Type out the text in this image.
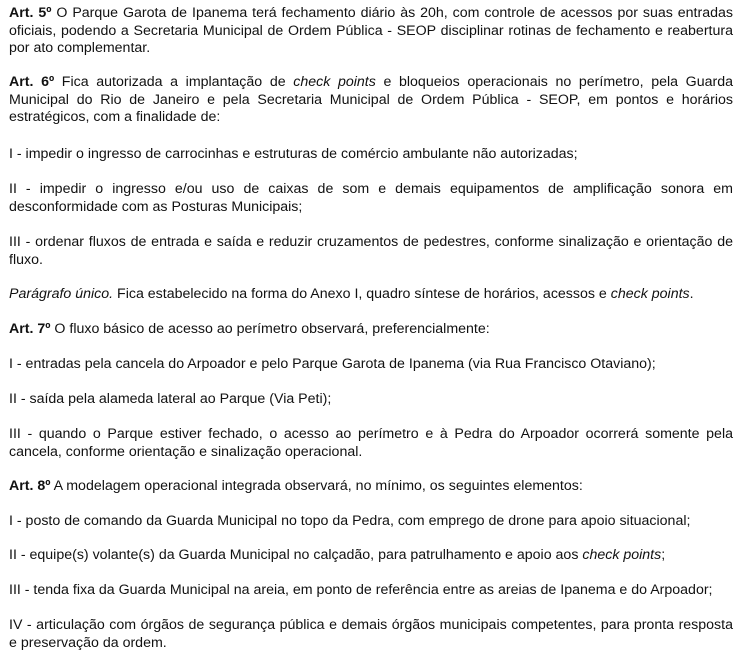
Art. 5º O Parque Garota de Ipanema terá fechamento diário às 20h, com controle de acessos por suas entradas oficiais, podendo a Secretaria Municipal de Ordem Pública - SEOP disciplinar rotinas de fechamento e reabertura por ato complementar.

Art. 6º Fica autorizada a implantação de check points e bloqueios operacionais no perímetro, pela Guarda Municipal do Rio de Janeiro e pela Secretaria Municipal de Ordem Pública - SEOP, em pontos e horários estratégicos, com a finalidade de:

I - impedir o ingresso de carrocinhas e estruturas de comércio ambulante não autorizadas;

II - impedir o ingresso e/ou uso de caixas de som e demais equipamentos de amplificação sonora em desconformidade com as Posturas Municipais;

III - ordenar fluxos de entrada e saída e reduzir cruzamentos de pedestres, conforme sinalização e orientação de fluxo.

Parágrafo único. Fica estabelecido na forma do Anexo I, quadro síntese de horários, acessos e check points.

Art. 7º O fluxo básico de acesso ao perímetro observará, preferencialmente:

I - entradas pela cancela do Arpoador e pelo Parque Garota de Ipanema (via Rua Francisco Otaviano);

II - saída pela alameda lateral ao Parque (Via Peti);

III - quando o Parque estiver fechado, o acesso ao perímetro e à Pedra do Arpoador ocorrerá somente pela cancela, conforme orientação e sinalização operacional.

Art. 8º A modelagem operacional integrada observará, no mínimo, os seguintes elementos:

I - posto de comando da Guarda Municipal no topo da Pedra, com emprego de drone para apoio situacional;

II - equipe(s) volante(s) da Guarda Municipal no calçadão, para patrulhamento e apoio aos check points;

III - tenda fixa da Guarda Municipal na areia, em ponto de referência entre as areias de Ipanema e do Arpoador;

IV - articulação com órgãos de segurança pública e demais órgãos municipais competentes, para pronta resposta e preservação da ordem.
